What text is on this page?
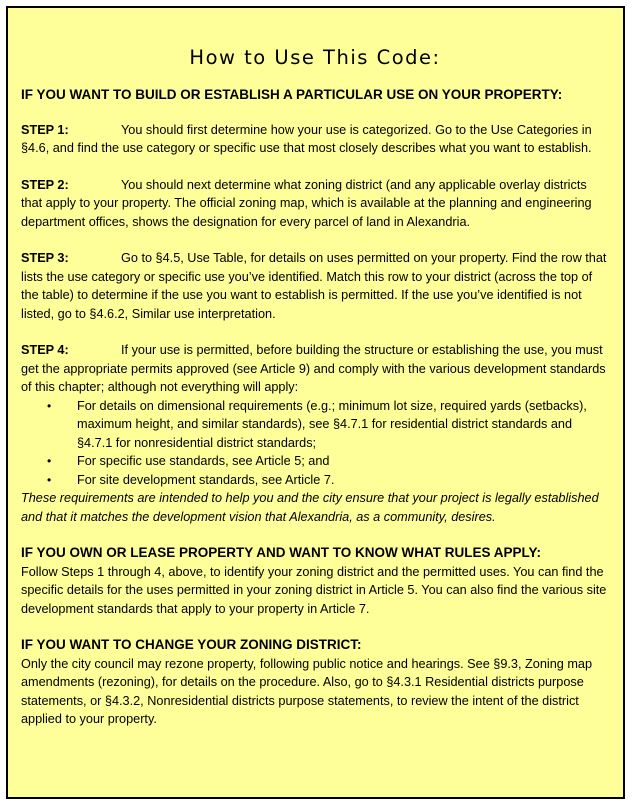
How to Use This Code:
IF YOU WANT TO BUILD OR ESTABLISH A PARTICULAR USE ON YOUR PROPERTY:
STEP 1:	You should first determine how your use is categorized. Go to the Use Categories in §4.6, and find the use category or specific use that most closely describes what you want to establish.
STEP 2:	You should next determine what zoning district (and any applicable overlay districts that apply to your property. The official zoning map, which is available at the planning and engineering department offices, shows the designation for every parcel of land in Alexandria.
STEP 3:	Go to §4.5, Use Table, for details on uses permitted on your property. Find the row that lists the use category or specific use you’ve identified. Match this row to your district (across the top of the table) to determine if the use you want to establish is permitted. If the use you’ve identified is not listed, go to §4.6.2, Similar use interpretation.
STEP 4:	If your use is permitted, before building the structure or establishing the use, you must get the appropriate permits approved (see Article 9) and comply with the various development standards of this chapter; although not everything will apply:
• For details on dimensional requirements (e.g.; minimum lot size, required yards (setbacks), maximum height, and similar standards), see §4.7.1 for residential district standards and §4.7.1 for nonresidential district standards;
• For specific use standards, see Article 5; and
• For site development standards, see Article 7.
These requirements are intended to help you and the city ensure that your project is legally established and that it matches the development vision that Alexandria, as a community, desires.
IF YOU OWN OR LEASE PROPERTY AND WANT TO KNOW WHAT RULES APPLY:
Follow Steps 1 through 4, above, to identify your zoning district and the permitted uses. You can find the specific details for the uses permitted in your zoning district in Article 5. You can also find the various site development standards that apply to your property in Article 7.
IF YOU WANT TO CHANGE YOUR ZONING DISTRICT:
Only the city council may rezone property, following public notice and hearings. See §9.3, Zoning map amendments (rezoning), for details on the procedure. Also, go to §4.3.1 Residential districts purpose statements, or §4.3.2, Nonresidential districts purpose statements, to review the intent of the district applied to your property.
